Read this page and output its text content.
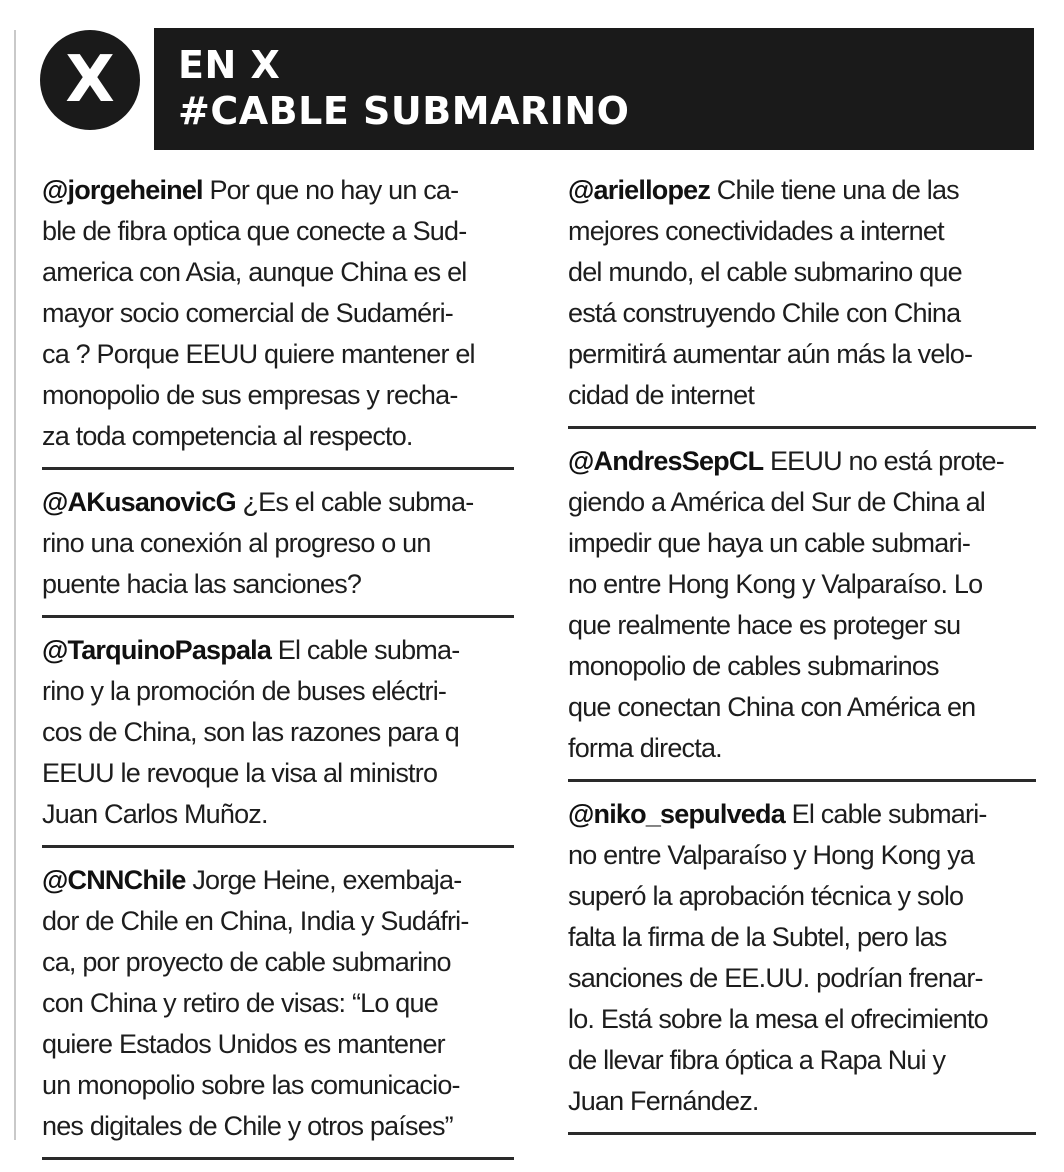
X EN X
#CABLE SUBMARINO

@jorgeheinel Por que no hay un ca-
ble de fibra optica que conecte a Sud-
america con Asia, aunque China es el
mayor socio comercial de Sudaméri-
ca ? Porque EEUU quiere mantener el
monopolio de sus empresas y recha-
za toda competencia al respecto.

@AKusanovicG ¿Es el cable subma-
rino una conexión al progreso o un
puente hacia las sanciones?

@TarquinoPaspala El cable subma-
rino y la promoción de buses eléctri-
cos de China, son las razones para q
EEUU le revoque la visa al ministro
Juan Carlos Muñoz.

@CNNChile Jorge Heine, exembaja-
dor de Chile en China, India y Sudáfri-
ca, por proyecto de cable submarino
con China y retiro de visas: “Lo que
quiere Estados Unidos es mantener
un monopolio sobre las comunicacio-
nes digitales de Chile y otros países”

@ariellopez Chile tiene una de las
mejores conectividades a internet
del mundo, el cable submarino que
está construyendo Chile con China
permitirá aumentar aún más la velo-
cidad de internet

@AndresSepCL EEUU no está prote-
giendo a América del Sur de China al
impedir que haya un cable submari-
no entre Hong Kong y Valparaíso. Lo
que realmente hace es proteger su
monopolio de cables submarinos
que conectan China con América en
forma directa.

@niko_sepulveda El cable submari-
no entre Valparaíso y Hong Kong ya
superó la aprobación técnica y solo
falta la firma de la Subtel, pero las
sanciones de EE.UU. podrían frenar-
lo. Está sobre la mesa el ofrecimiento
de llevar fibra óptica a Rapa Nui y
Juan Fernández.
